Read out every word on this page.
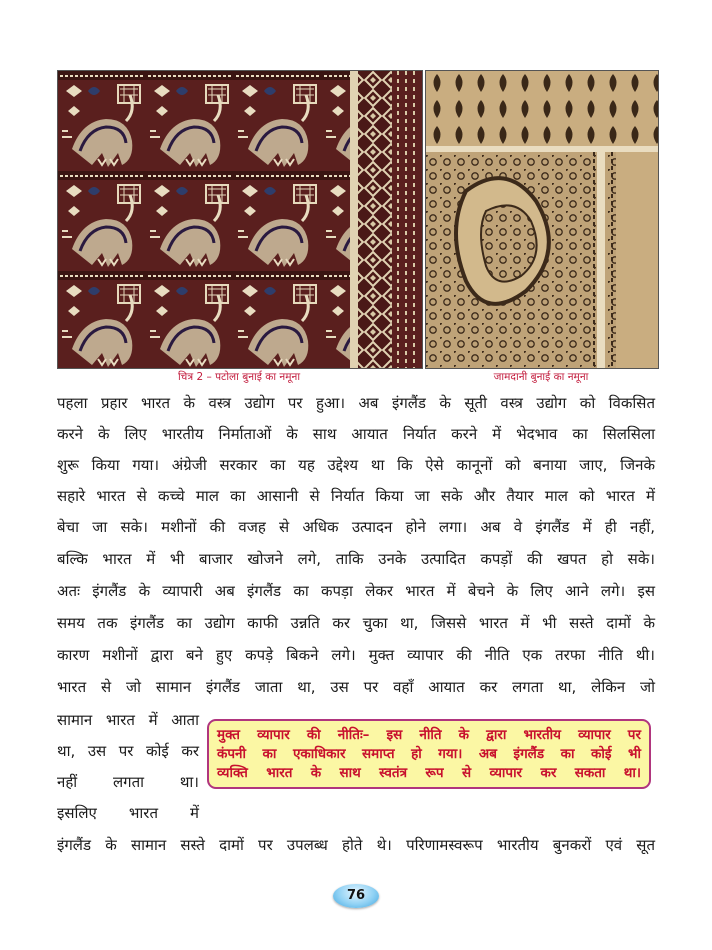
चित्र 2 – पटोला बुनाई का नमूना	जामदानी बुनाई का नमूना
पहला प्रहार भारत के वस्त्र उद्योग पर हुआ। अब इंगलैंड के सूती वस्त्र उद्योग को विकसित
करने के लिए भारतीय निर्माताओं के साथ आयात निर्यात करने में भेदभाव का सिलसिला
शुरू किया गया। अंग्रेजी सरकार का यह उद्देश्य था कि ऐसे कानूनों को बनाया जाए, जिनके
सहारे भारत से कच्चे माल का आसानी से निर्यात किया जा सके और तैयार माल को भारत में
बेचा जा सके। मशीनों की वजह से अधिक उत्पादन होने लगा। अब वे इंगलैंड में ही नहीं,
बल्कि भारत में भी बाजार खोजने लगे, ताकि उनके उत्पादित कपड़ों की खपत हो सके।
अतः इंगलैंड के व्यापारी अब इंगलैंड का कपड़ा लेकर भारत में बेचने के लिए आने लगे। इस
समय तक इंगलैंड का उद्योग काफी उन्नति कर चुका था, जिससे भारत में भी सस्ते दामों के
कारण मशीनों द्वारा बने हुए कपड़े बिकने लगे। मुक्त व्यापार की नीति एक तरफा नीति थी।
भारत से जो सामान इंगलैंड जाता था, उस पर वहाँ आयात कर लगता था, लेकिन जो
सामान भारत में आता
था, उस पर कोई कर
नहीं लगता था।
इसलिए भारत में
इंगलैंड के सामान सस्ते दामों पर उपलब्ध होते थे। परिणामस्वरूप भारतीय बुनकरों एवं सूत
मुक्त व्यापार की नीतिः– इस नीति के द्वारा भारतीय व्यापार पर
कंपनी का एकाधिकार समाप्त हो गया। अब इंगलैंड का कोई भी
व्यक्ति भारत के साथ स्वतंत्र रूप से व्यापार कर सकता था।
76
